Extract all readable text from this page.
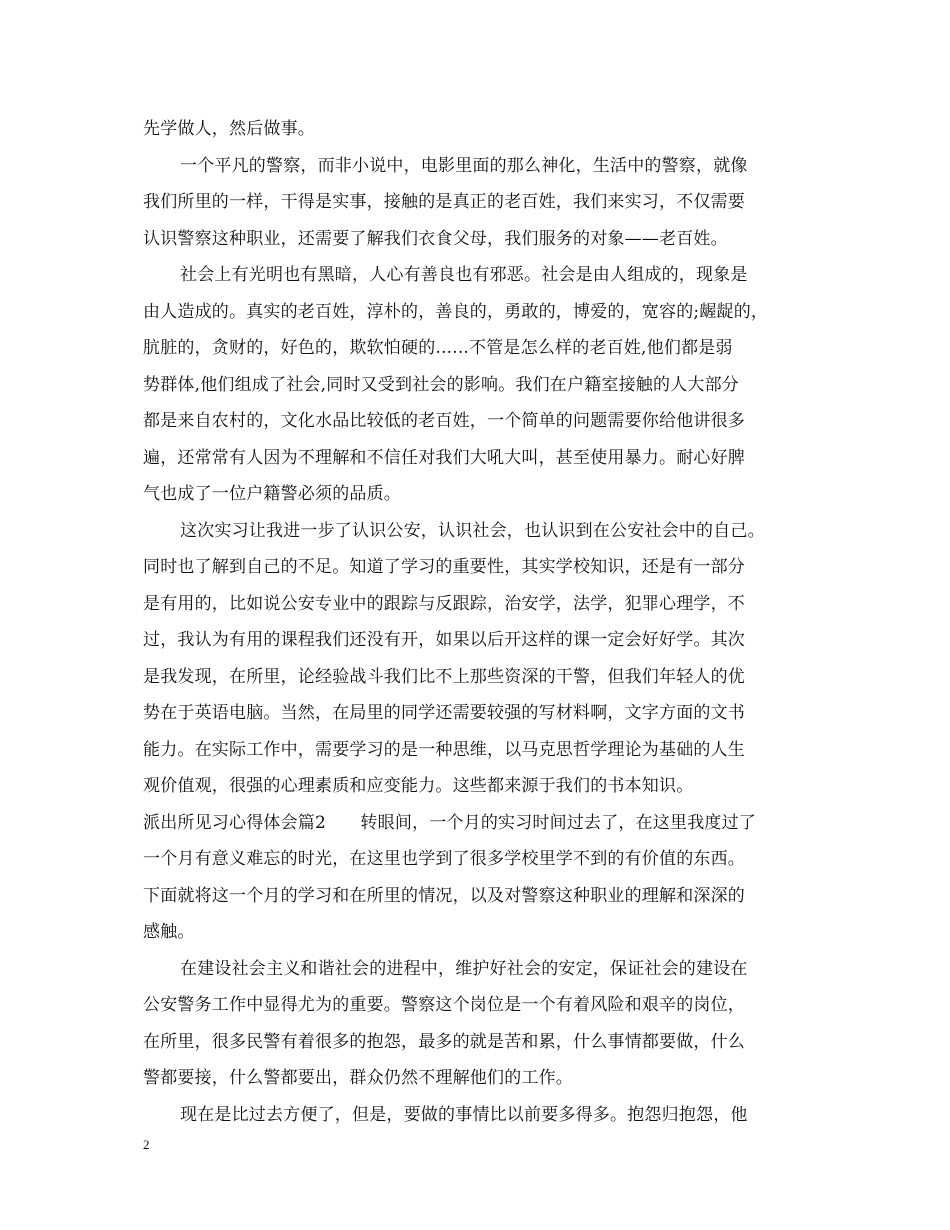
先学做人，然后做事。
一个平凡的警察，而非小说中，电影里面的那么神化，生活中的警察，就像
我们所里的一样，干得是实事，接触的是真正的老百姓，我们来实习，不仅需要
认识警察这种职业，还需要了解我们衣食父母，我们服务的对象——老百姓。
社会上有光明也有黑暗，人心有善良也有邪恶。社会是由人组成的，现象是
由人造成的。真实的老百姓，淳朴的，善良的，勇敢的，博爱的，宽容的;龌龊的，
肮脏的，贪财的，好色的，欺软怕硬的......不管是怎么样的老百姓,他们都是弱
势群体,他们组成了社会,同时又受到社会的影响。我们在户籍室接触的人大部分
都是来自农村的，文化水品比较低的老百姓，一个简单的问题需要你给他讲很多
遍，还常常有人因为不理解和不信任对我们大吼大叫，甚至使用暴力。耐心好脾
气也成了一位户籍警必须的品质。
这次实习让我进一步了认识公安，认识社会，也认识到在公安社会中的自己。
同时也了解到自己的不足。知道了学习的重要性，其实学校知识，还是有一部分
是有用的，比如说公安专业中的跟踪与反跟踪，治安学，法学，犯罪心理学，不
过，我认为有用的课程我们还没有开，如果以后开这样的课一定会好好学。其次
是我发现，在所里，论经验战斗我们比不上那些资深的干警，但我们年轻人的优
势在于英语电脑。当然，在局里的同学还需要较强的写材料啊，文字方面的文书
能力。在实际工作中，需要学习的是一种思维，以马克思哲学理论为基础的人生
观价值观，很强的心理素质和应变能力。这些都来源于我们的书本知识。
派出所见习心得体会篇2　　转眼间，一个月的实习时间过去了，在这里我度过了
一个月有意义难忘的时光，在这里也学到了很多学校里学不到的有价值的东西。
下面就将这一个月的学习和在所里的情况，以及对警察这种职业的理解和深深的
感触。
在建设社会主义和谐社会的进程中，维护好社会的安定，保证社会的建设在
公安警务工作中显得尤为的重要。警察这个岗位是一个有着风险和艰辛的岗位，
在所里，很多民警有着很多的抱怨，最多的就是苦和累，什么事情都要做，什么
警都要接，什么警都要出，群众仍然不理解他们的工作。
现在是比过去方便了，但是，要做的事情比以前要多得多。抱怨归抱怨，他
2
